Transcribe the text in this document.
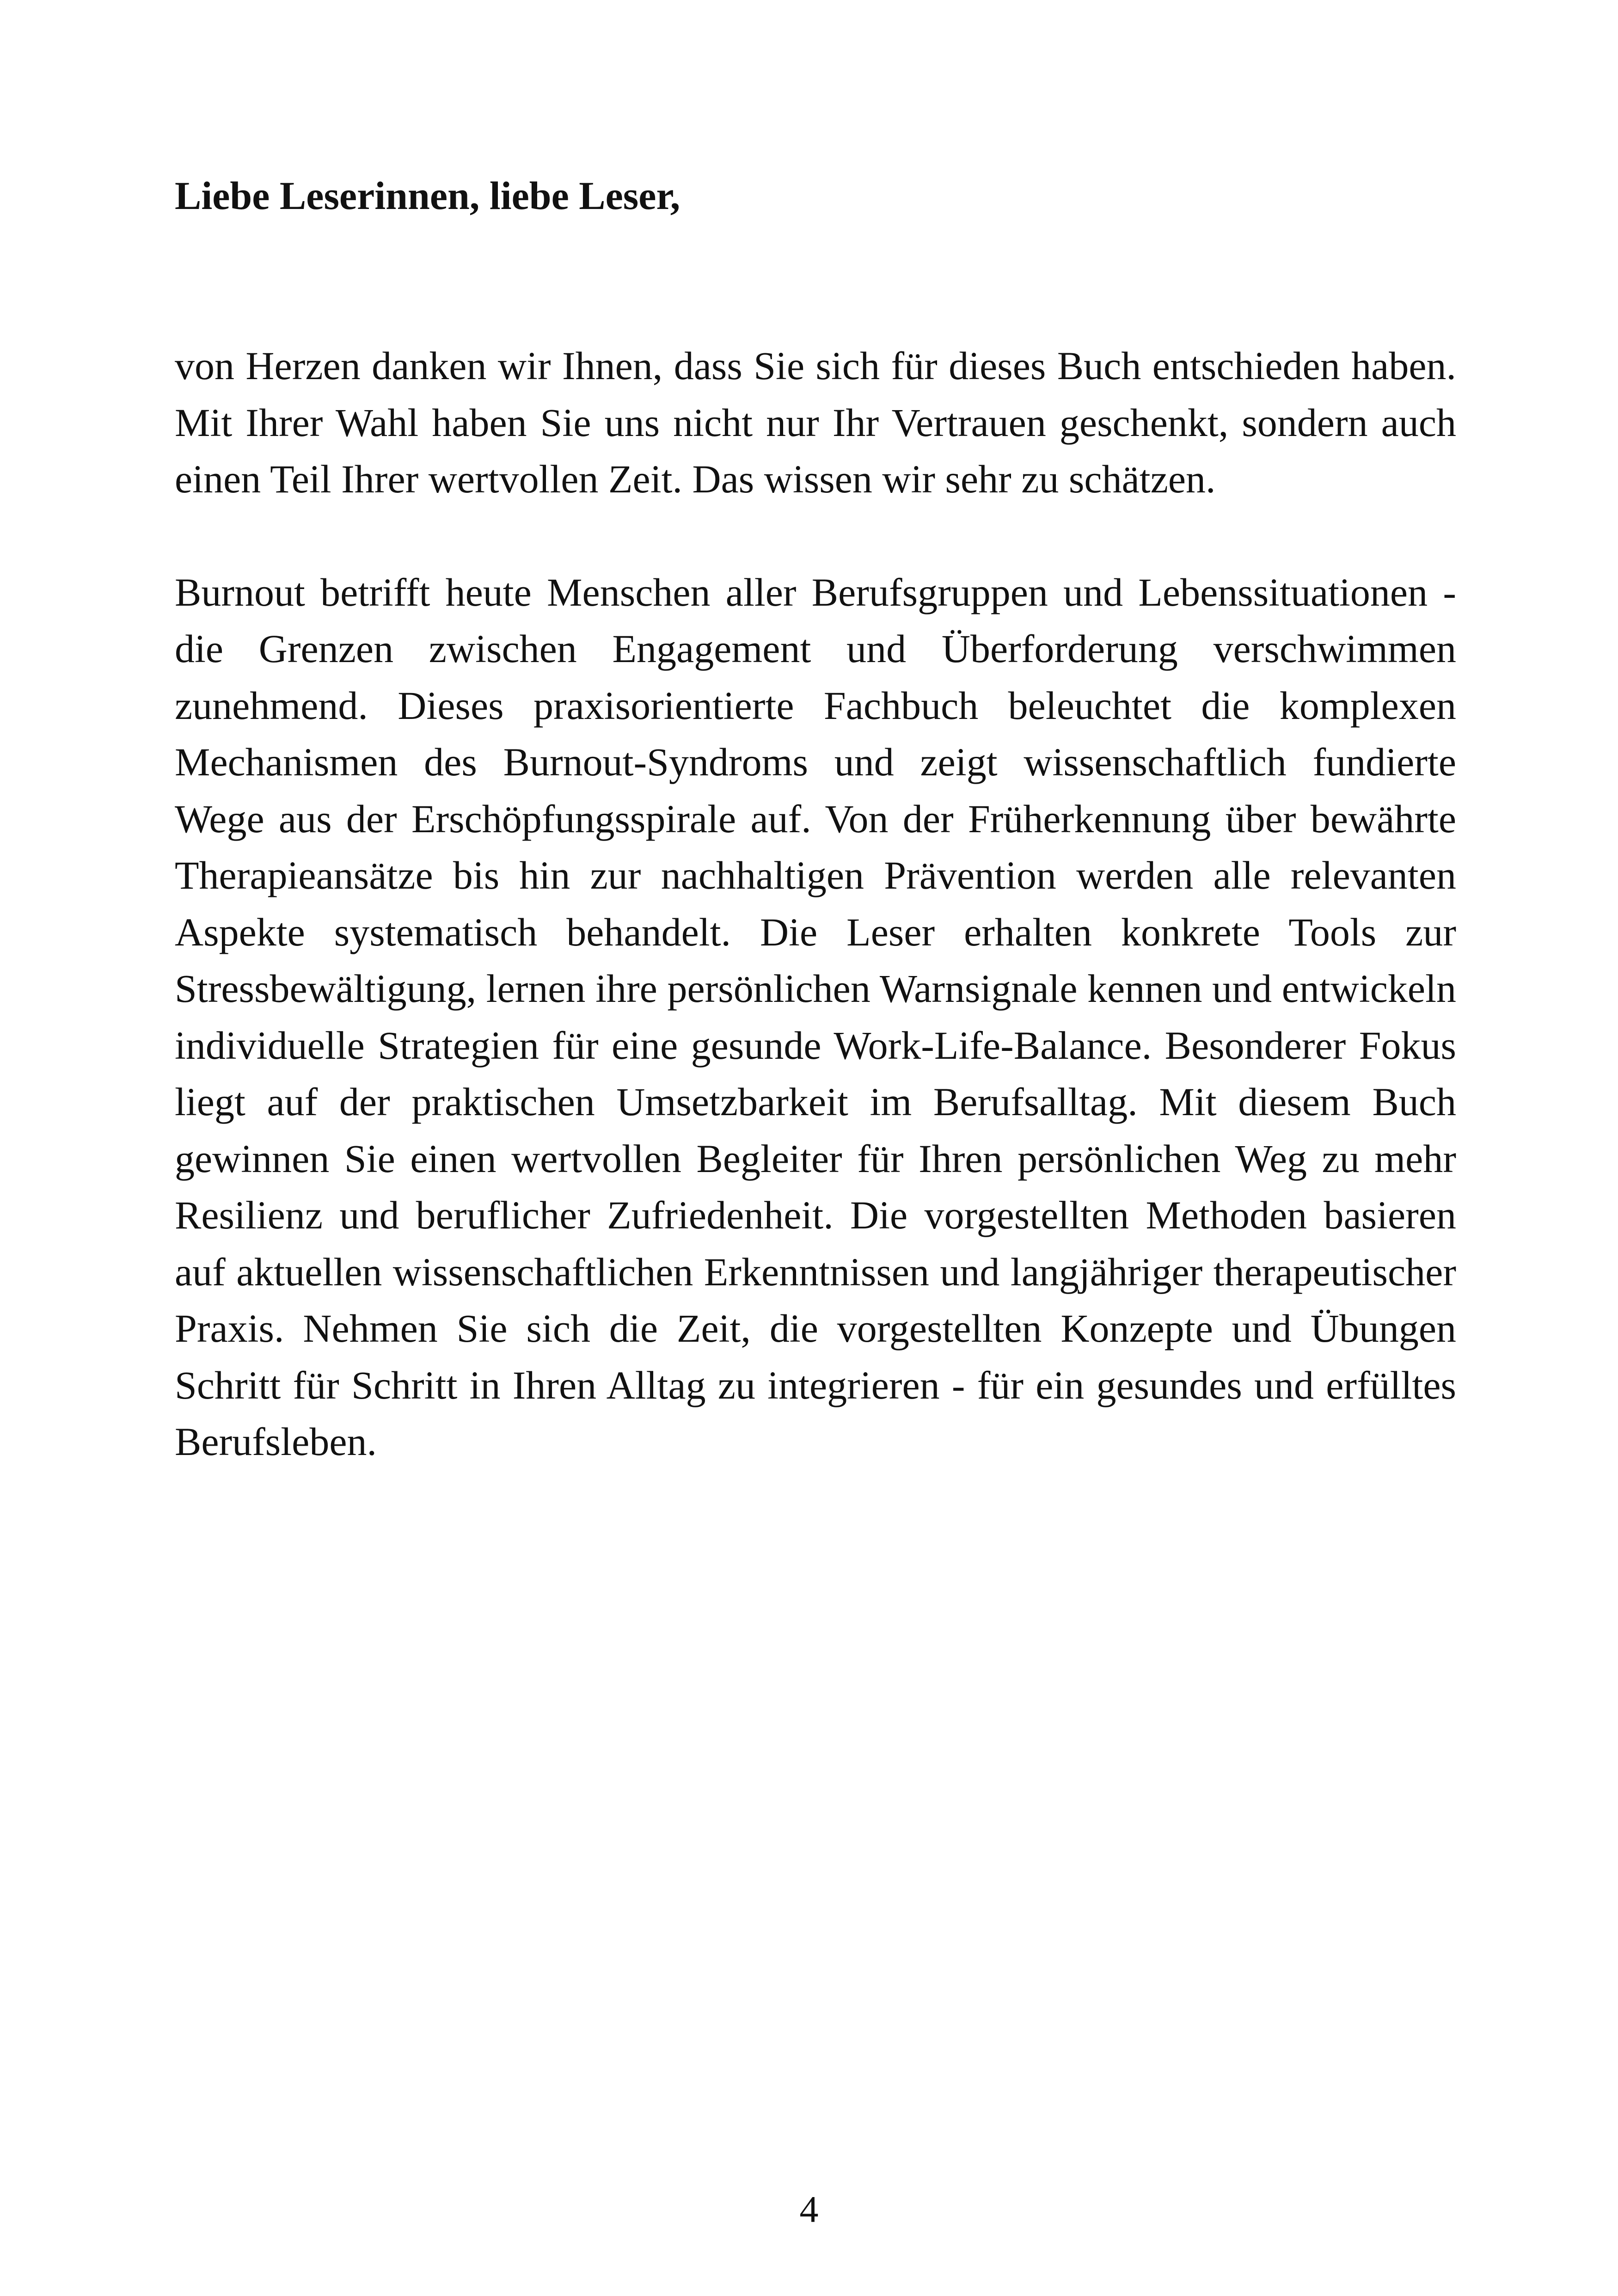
Liebe Leserinnen, liebe Leser,

von Herzen danken wir Ihnen, dass Sie sich für dieses Buch entschieden haben. Mit Ihrer Wahl haben Sie uns nicht nur Ihr Vertrauen geschenkt, sondern auch einen Teil Ihrer wertvollen Zeit. Das wissen wir sehr zu schätzen.

Burnout betrifft heute Menschen aller Berufsgruppen und Lebenssituationen - die Grenzen zwischen Engagement und Überforderung verschwimmen zunehmend. Dieses praxisorientierte Fachbuch beleuchtet die komplexen Mechanismen des Burnout-Syndroms und zeigt wissenschaftlich fundierte Wege aus der Erschöpfungsspirale auf. Von der Früherkennung über bewährte Therapieansätze bis hin zur nachhaltigen Prävention werden alle relevanten Aspekte systematisch behandelt. Die Leser erhalten konkrete Tools zur Stressbewältigung, lernen ihre persönlichen Warnsignale kennen und entwickeln individuelle Strategien für eine gesunde Work-Life-Balance. Besonderer Fokus liegt auf der praktischen Umsetzbarkeit im Berufsalltag. Mit diesem Buch gewinnen Sie einen wertvollen Begleiter für Ihren persönlichen Weg zu mehr Resilienz und beruflicher Zufriedenheit. Die vorgestellten Methoden basieren auf aktuellen wissenschaftlichen Erkenntnissen und langjähriger therapeutischer Praxis. Nehmen Sie sich die Zeit, die vorgestellten Konzepte und Übungen Schritt für Schritt in Ihren Alltag zu integrieren - für ein gesundes und erfülltes Berufsleben.

4
